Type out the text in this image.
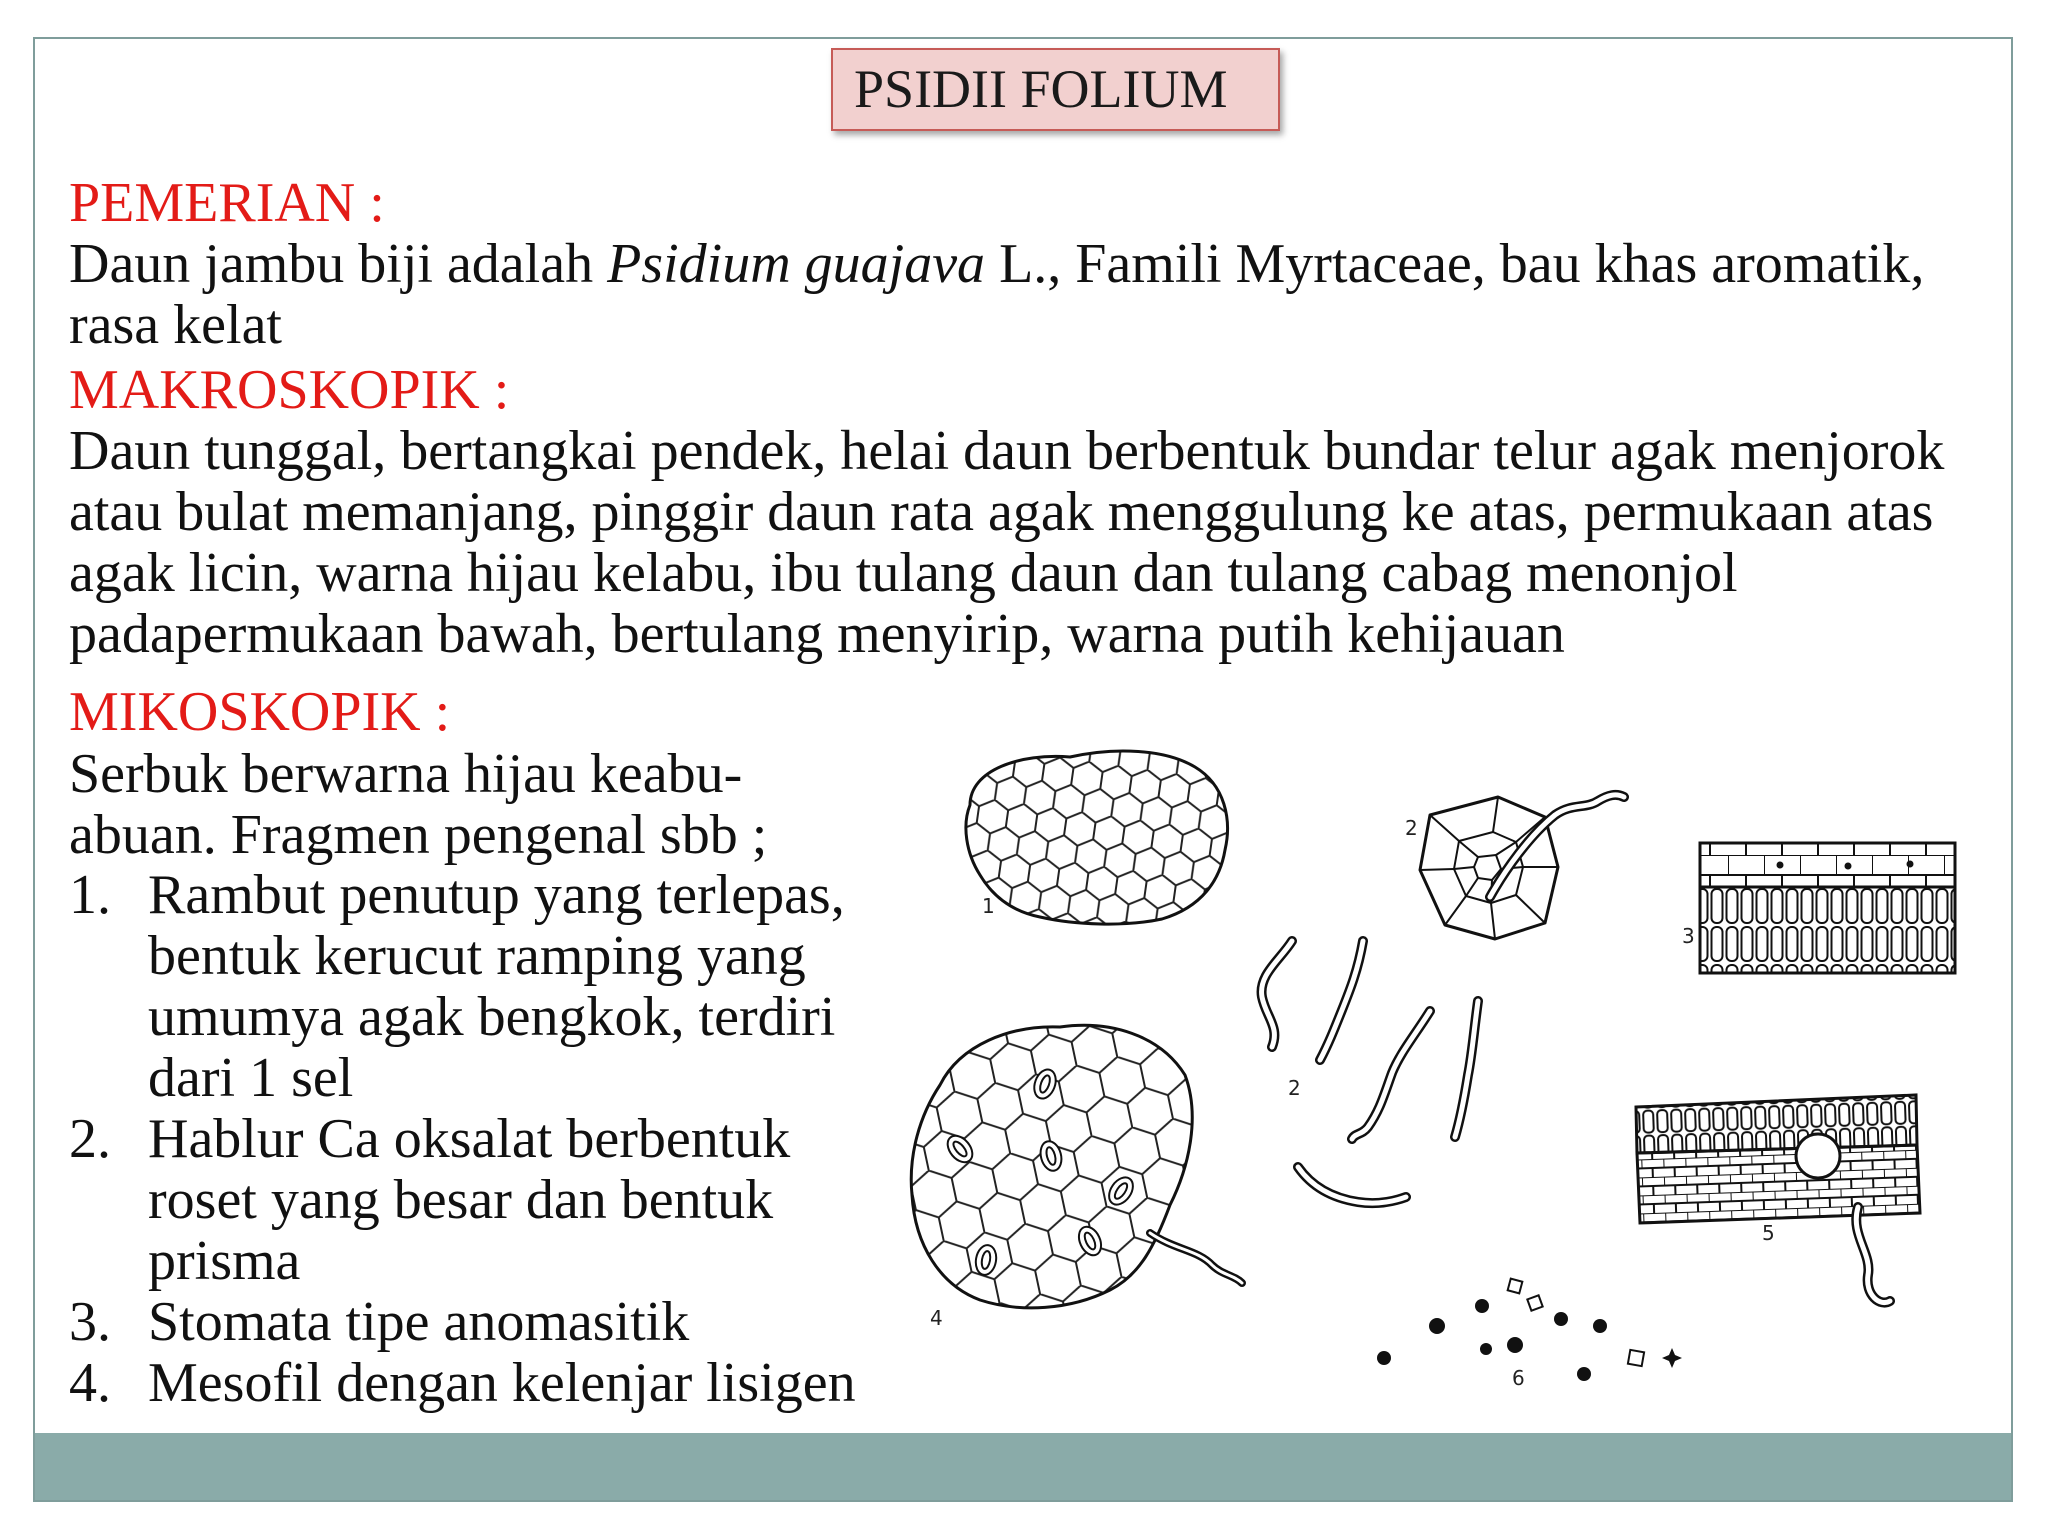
PSIDII FOLIUM
PEMERIAN :
Daun jambu biji adalah Psidium guajava L., Famili Myrtaceae, bau khas aromatik,
rasa kelat
MAKROSKOPIK :
Daun tunggal, bertangkai pendek, helai daun berbentuk bundar telur agak menjorok
atau bulat memanjang, pinggir daun rata agak menggulung ke atas, permukaan atas
agak licin, warna hijau kelabu, ibu tulang daun dan tulang cabag menonjol
padapermukaan bawah, bertulang menyirip, warna putih kehijauan
MIKOSKOPIK :
Serbuk berwarna hijau keabu-
abuan. Fragmen pengenal sbb ;
1. Rambut penutup yang terlepas,
bentuk kerucut ramping yang
umumya agak bengkok, terdiri
dari 1 sel
2. Hablur Ca oksalat berbentuk
roset yang besar dan bentuk
prisma
3. Stomata tipe anomasitik
4. Mesofil dengan kelenjar lisigen
1
2
3
4
2
5
6
